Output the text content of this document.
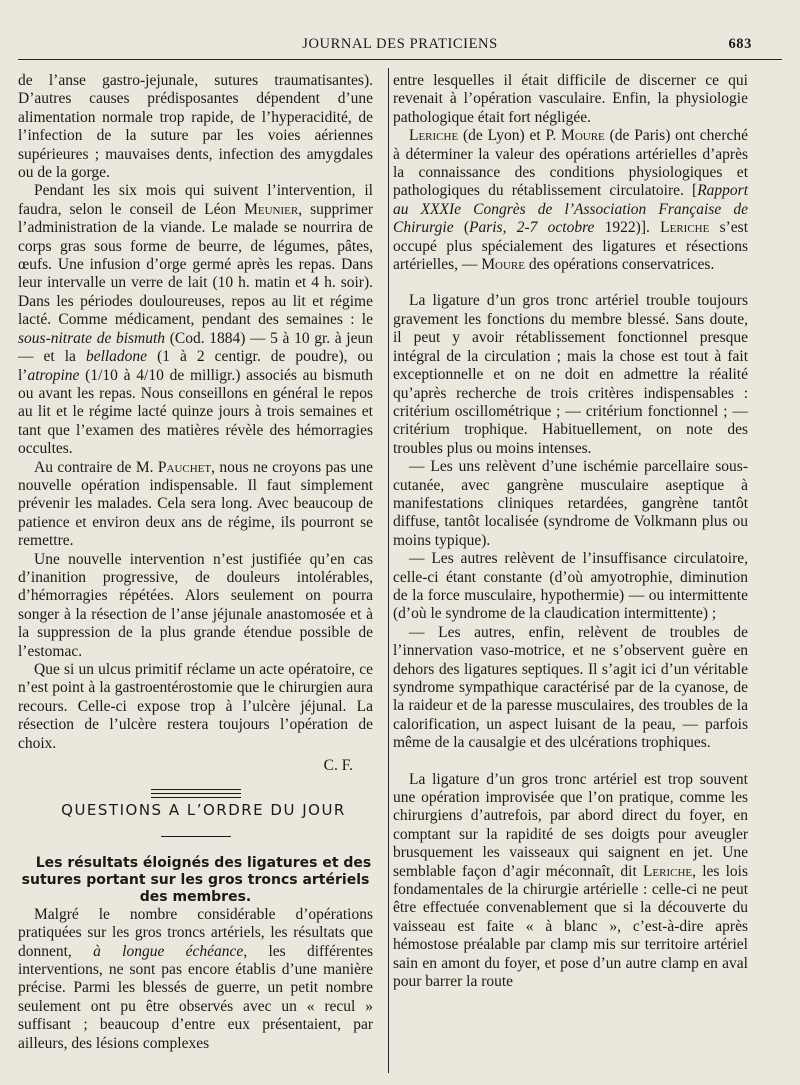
JOURNAL DES PRATICIENS	683

de l’anse gastro-jejunale, sutures traumatisantes). D’autres causes prédisposantes dépendent d’une alimentation normale trop rapide, de l’hyperacidité, de l’infection de la suture par les voies aériennes supérieures ; mauvaises dents, infection des amygdales ou de la gorge.

Pendant les six mois qui suivent l’intervention, il faudra, selon le conseil de Léon Meunier, supprimer l’administration de la viande. Le malade se nourrira de corps gras sous forme de beurre, de légumes, pâtes, œufs. Une infusion d’orge germé après les repas. Dans leur intervalle un verre de lait (10 h. matin et 4 h. soir). Dans les périodes douloureuses, repos au lit et régime lacté. Comme médicament, pendant des semaines : le sous-nitrate de bismuth (Cod. 1884) — 5 à 10 gr. à jeun — et la belladone (1 à 2 centigr. de poudre), ou l’atropine (1/10 à 4/10 de milligr.) associés au bismuth ou avant les repas. Nous conseillons en général le repos au lit et le régime lacté quinze jours à trois semaines et tant que l’examen des matières révèle des hémorragies occultes.

Au contraire de M. Pauchet, nous ne croyons pas une nouvelle opération indispensable. Il faut simplement prévenir les malades. Cela sera long. Avec beaucoup de patience et environ deux ans de régime, ils pourront se remettre.

Une nouvelle intervention n’est justifiée qu’en cas d’inanition progressive, de douleurs intolérables, d’hémorragies répétées. Alors seulement on pourra songer à la résection de l’anse jéjunale anastomosée et à la suppression de la plus grande étendue possible de l’estomac.

Que si un ulcus primitif réclame un acte opératoire, ce n’est point à la gastroentérostomie que le chirurgien aura recours. Celle-ci expose trop à l’ulcère jéjunal. La résection de l’ulcère restera toujours l’opération de choix.

C. F.

QUESTIONS A L’ORDRE DU JOUR

Les résultats éloignés des ligatures et des sutures portant sur les gros troncs artériels des membres.

Malgré le nombre considérable d’opérations pratiquées sur les gros troncs artériels, les résultats que donnent, à longue échéance, les différentes interventions, ne sont pas encore établis d’une manière précise. Parmi les blessés de guerre, un petit nombre seulement ont pu être observés avec un « recul » suffisant ; beaucoup d’entre eux présentaient, par ailleurs, des lésions complexes

entre lesquelles il était difficile de discerner ce qui revenait à l’opération vasculaire. Enfin, la physiologie pathologique était fort négligée.

Leriche (de Lyon) et P. Moure (de Paris) ont cherché à déterminer la valeur des opérations artérielles d’après la connaissance des conditions physiologiques et pathologiques du rétablissement circulatoire. [Rapport au XXXIe Congrès de l’Association Française de Chirurgie (Paris, 2-7 octobre 1922)]. Leriche s’est occupé plus spécialement des ligatures et résections artérielles, — Moure des opérations conservatrices.

La ligature d’un gros tronc artériel trouble toujours gravement les fonctions du membre blessé. Sans doute, il peut y avoir rétablissement fonctionnel presque intégral de la circulation ; mais la chose est tout à fait exceptionnelle et on ne doit en admettre la réalité qu’après recherche de trois critères indispensables : critérium oscillométrique ; — critérium fonctionnel ; — critérium trophique. Habituellement, on note des troubles plus ou moins intenses.

— Les uns relèvent d’une ischémie parcellaire sous-cutanée, avec gangrène musculaire aseptique à manifestations cliniques retardées, gangrène tantôt diffuse, tantôt localisée (syndrome de Volkmann plus ou moins typique).

— Les autres relèvent de l’insuffisance circulatoire, celle-ci étant constante (d’où amyotrophie, diminution de la force musculaire, hypothermie) — ou intermittente (d’où le syndrome de la claudication intermittente) ;

— Les autres, enfin, relèvent de troubles de l’innervation vaso-motrice, et ne s’observent guère en dehors des ligatures septiques. Il s’agit ici d’un véritable syndrome sympathique caractérisé par de la cyanose, de la raideur et de la paresse musculaires, des troubles de la calorification, un aspect luisant de la peau, — parfois même de la causalgie et des ulcérations trophiques.

La ligature d’un gros tronc artériel est trop souvent une opération improvisée que l’on pratique, comme les chirurgiens d’autrefois, par abord direct du foyer, en comptant sur la rapidité de ses doigts pour aveugler brusquement les vaisseaux qui saignent en jet. Une semblable façon d’agir méconnaît, dit Leriche, les lois fondamentales de la chirurgie artérielle : celle-ci ne peut être effectuée convenablement que si la découverte du vaisseau est faite « à blanc », c’est-à-dire après hémostose préalable par clamp mis sur territoire artériel sain en amont du foyer, et pose d’un autre clamp en aval pour barrer la route
